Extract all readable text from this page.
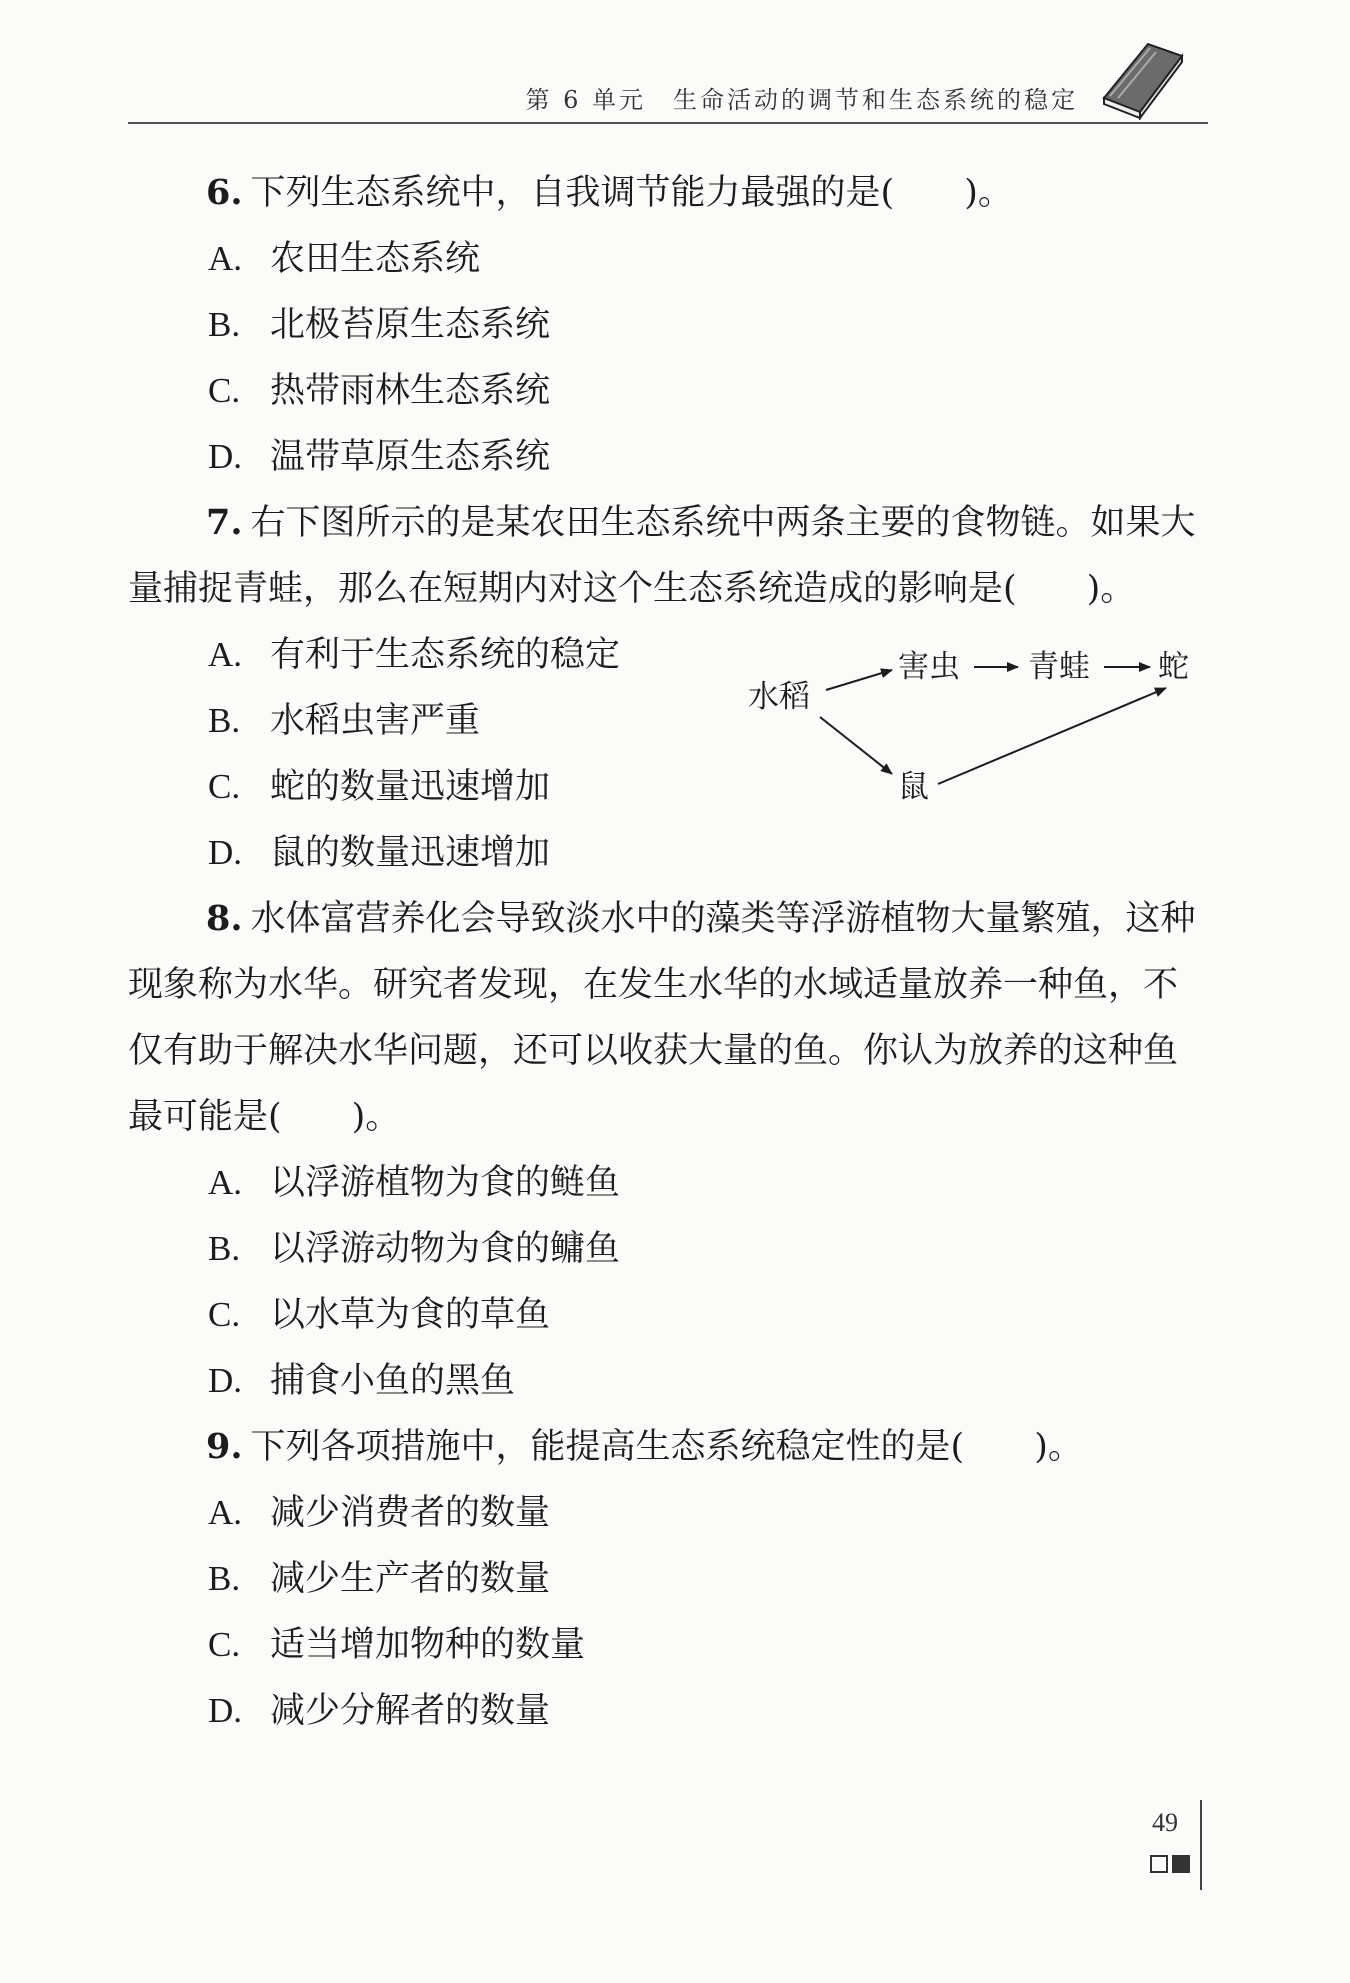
第 6 单元　生命活动的调节和生态系统的稳定

6. 下列生态系统中，自我调节能力最强的是(　　)。

A. 农田生态系统

B. 北极苔原生态系统

C. 热带雨林生态系统

D. 温带草原生态系统

7. 右下图所示的是某农田生态系统中两条主要的食物链。如果大量捕捉青蛙，那么在短期内对这个生态系统造成的影响是(　　)。

A. 有利于生态系统的稳定

B. 水稻虫害严重

C. 蛇的数量迅速增加

D. 鼠的数量迅速增加

水稻
害虫 青蛙 蛇
鼠

8. 水体富营养化会导致淡水中的藻类等浮游植物大量繁殖，这种现象称为水华。研究者发现，在发生水华的水域适量放养一种鱼，不仅有助于解决水华问题，还可以收获大量的鱼。你认为放养的这种鱼最可能是(　　)。

A. 以浮游植物为食的鲢鱼

B. 以浮游动物为食的鳙鱼

C. 以水草为食的草鱼

D. 捕食小鱼的黑鱼

9. 下列各项措施中，能提高生态系统稳定性的是(　　)。

A. 减少消费者的数量

B. 减少生产者的数量

C. 适当增加物种的数量

D. 减少分解者的数量

49
